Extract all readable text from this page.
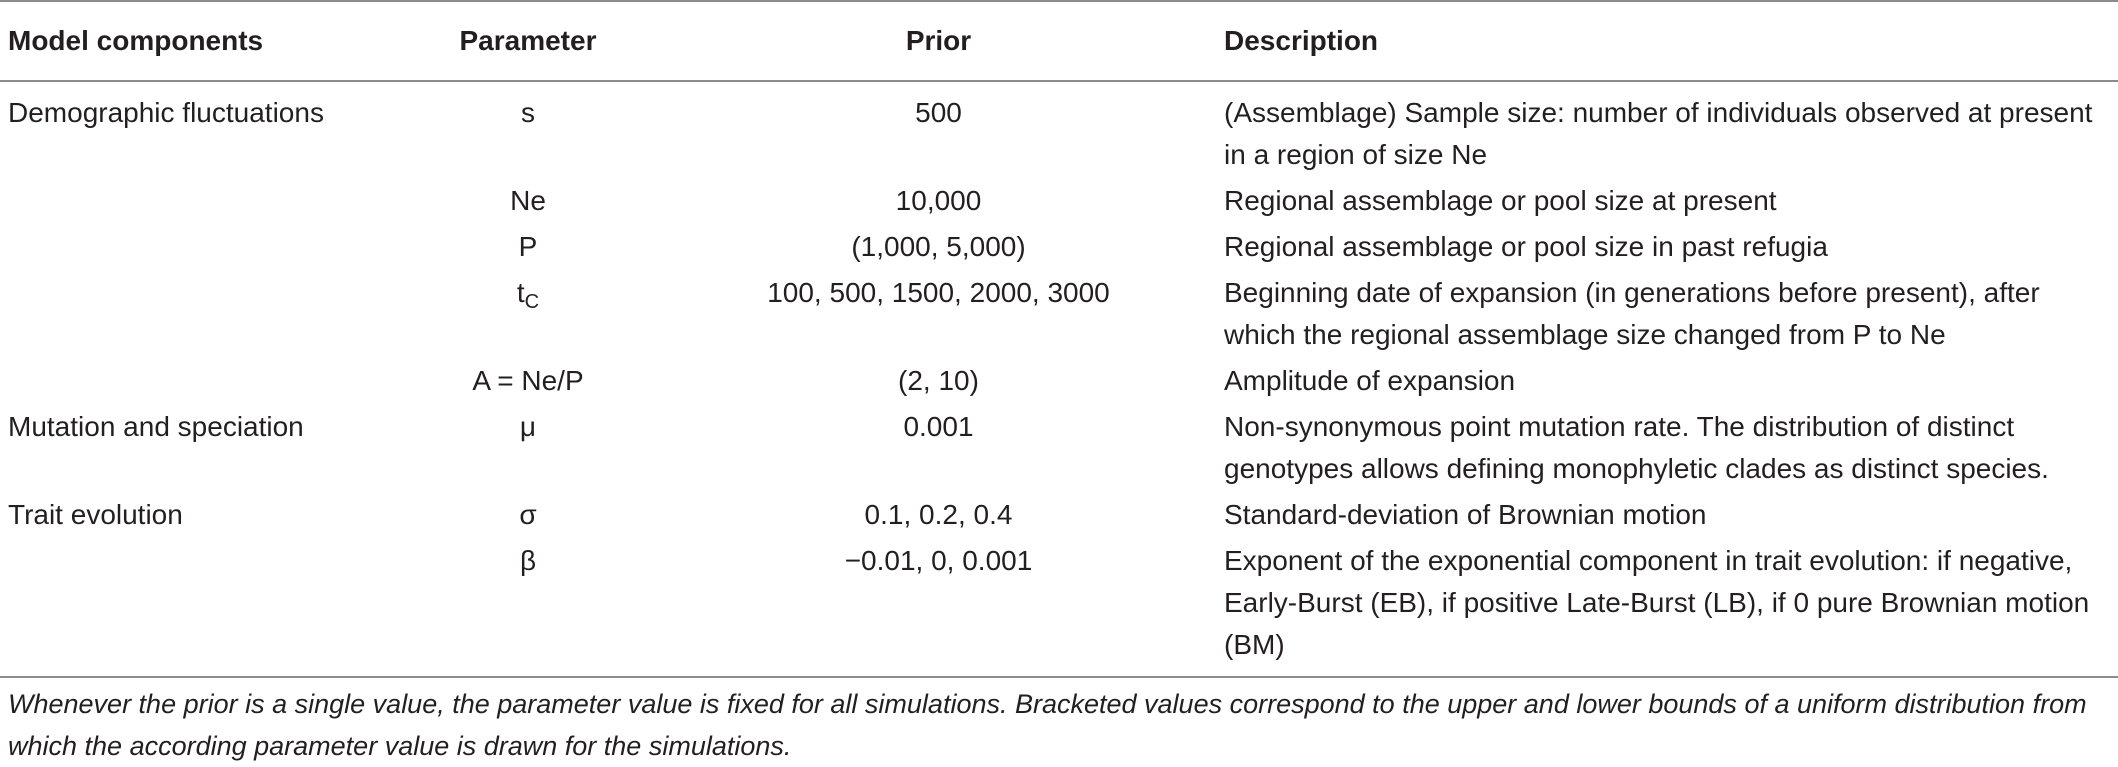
Model components	Parameter	Prior	Description
Demographic fluctuations	s	500	(Assemblage) Sample size: number of individuals observed at present in a region of size Ne
	Ne	10,000	Regional assemblage or pool size at present
	P	(1,000, 5,000)	Regional assemblage or pool size in past refugia
	$t_C$	100, 500, 1500, 2000, 3000	Beginning date of expansion (in generations before present), after which the regional assemblage size changed from P to Ne
	A = Ne/P	(2, 10)	Amplitude of expansion
Mutation and speciation	μ	0.001	Non-synonymous point mutation rate. The distribution of distinct genotypes allows defining monophyletic clades as distinct species.
Trait evolution	σ	0.1, 0.2, 0.4	Standard-deviation of Brownian motion
	β	−0.01, 0, 0.001	Exponent of the exponential component in trait evolution: if negative, Early-Burst (EB), if positive Late-Burst (LB), if 0 pure Brownian motion (BM)
Whenever the prior is a single value, the parameter value is fixed for all simulations. Bracketed values correspond to the upper and lower bounds of a uniform distribution from which the according parameter value is drawn for the simulations.
